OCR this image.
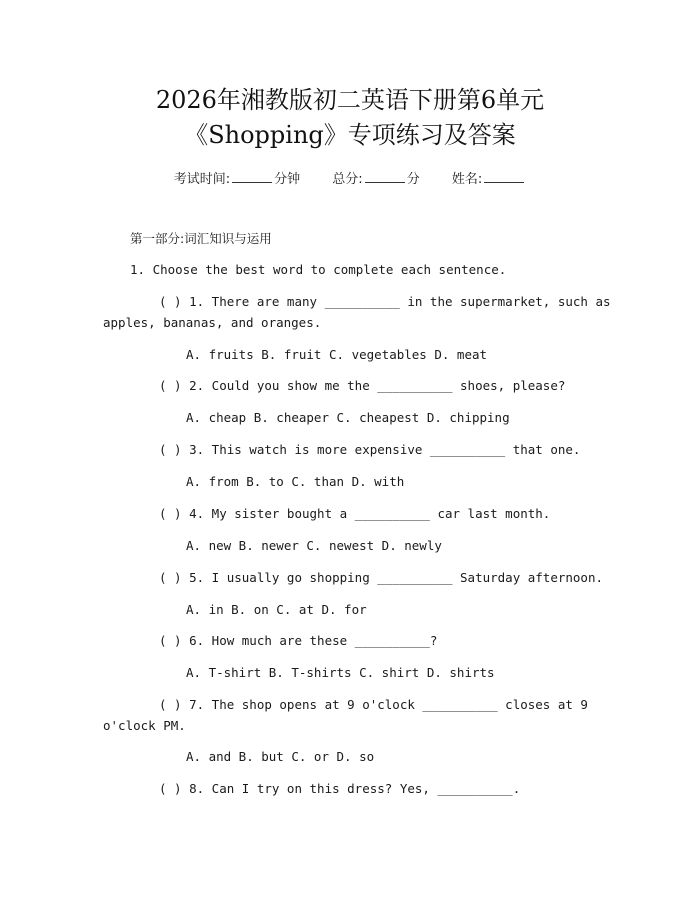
2026年湘教版初二英语下册第6单元
《Shopping》专项练习及答案
考试时间:	分钟 总分:	分 姓名:
第一部分:词汇知识与运用
1. Choose the best word to complete each sentence.
( ) 1. There are many __________ in the supermarket, such as
apples, bananas, and oranges.
A. fruits B. fruit C. vegetables D. meat
( ) 2. Could you show me the __________ shoes, please?
A. cheap B. cheaper C. cheapest D. chipping
( ) 3. This watch is more expensive __________ that one.
A. from B. to C. than D. with
( ) 4. My sister bought a __________ car last month.
A. new B. newer C. newest D. newly
( ) 5. I usually go shopping __________ Saturday afternoon.
A. in B. on C. at D. for
( ) 6. How much are these __________?
A. T-shirt B. T-shirts C. shirt D. shirts
( ) 7. The shop opens at 9 o'clock __________ closes at 9
o'clock PM.
A. and B. but C. or D. so
( ) 8. Can I try on this dress? Yes, __________.
